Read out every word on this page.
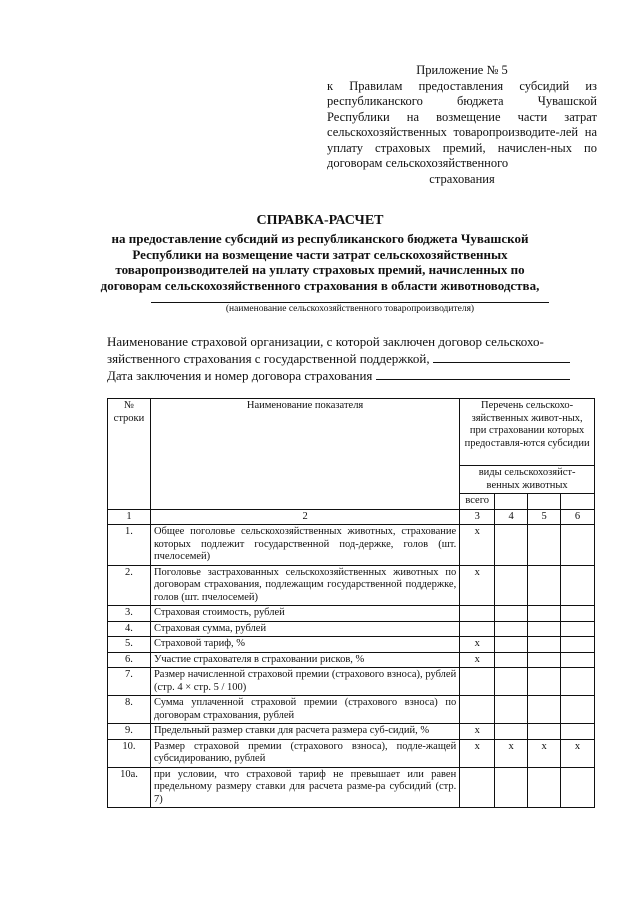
Приложение № 5
к Правилам предоставления субсидий из республиканского бюджета Чувашской Республики на возмещение части затрат сельскохозяйственных товаропроизводите-лей на уплату страховых премий, начислен-ных по договорам сельскохозяйственного
страхования
СПРАВКА-РАСЧЕТ
на предоставление субсидий из республиканского бюджета Чувашской Республики на возмещение части затрат сельскохозяйственных товаропроизводителей на уплату страховых премий, начисленных по договорам сельскохозяйственного страхования в области животноводства,
(наименование сельскохозяйственного товаропроизводителя)
Наименование страховой организации, с которой заключен договор сельскохо-
зяйственного страхования с государственной поддержкой,
Дата заключения и номер договора страхования
№ строки	Наименование показателя	Перечень сельскохо-зяйственных живот-ных, при страховании которых предоставля-ются субсидии			
		виды сельскохозяйст-венных животных			
		всего			
1	2	3	4	5	6
1.	Общее поголовье сельскохозяйственных животных, страхование которых подлежит государственной под-держке, голов (шт. пчелосемей)	x			
2.	Поголовье застрахованных сельскохозяйственных животных по договорам страхования, подлежащим государственной поддержке, голов (шт. пчелосемей)	x			
3.	Страховая стоимость, рублей				
4.	Страховая сумма, рублей				
5.	Страховой тариф, %	x			
6.	Участие страхователя в страховании рисков, %	x			
7.	Размер начисленной страховой премии (страхового взноса), рублей (стр. 4 × стр. 5 / 100)				
8.	Сумма уплаченной страховой премии (страхового взноса) по договорам страхования, рублей				
9.	Предельный размер ставки для расчета размера суб-сидий, %	x			
10.	Размер страховой премии (страхового взноса), подле-жащей субсидированию, рублей	x	x	x	x
10а.	при условии, что страховой тариф не превышает или равен предельному размеру ставки для расчета разме-ра субсидий (стр. 7)				
